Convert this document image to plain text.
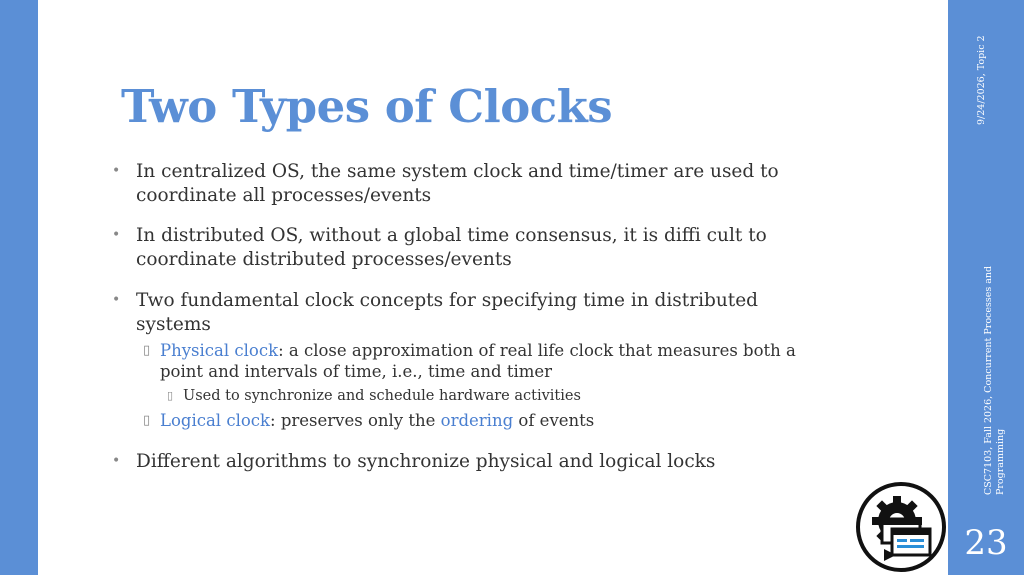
Two Types of Clocks
• In centralized OS, the same system clock and time/timer are used to coordinate all processes/events
• In distributed OS, without a global time consensus, it is diffi cult to coordinate distributed processes/events
• Two fundamental clock concepts for specifying time in distributed systems
▯ Physical clock: a close approximation of real life clock that measures both a point and intervals of time, i.e., time and timer
▯ Used to synchronize and schedule hardware activities
▯ Logical clock: preserves only the ordering of events
• Different algorithms to synchronize physical and logical locks
9/24/2026, Topic 2
CSC7103, Fall 2026, Concurrent Processes and Programming
23
